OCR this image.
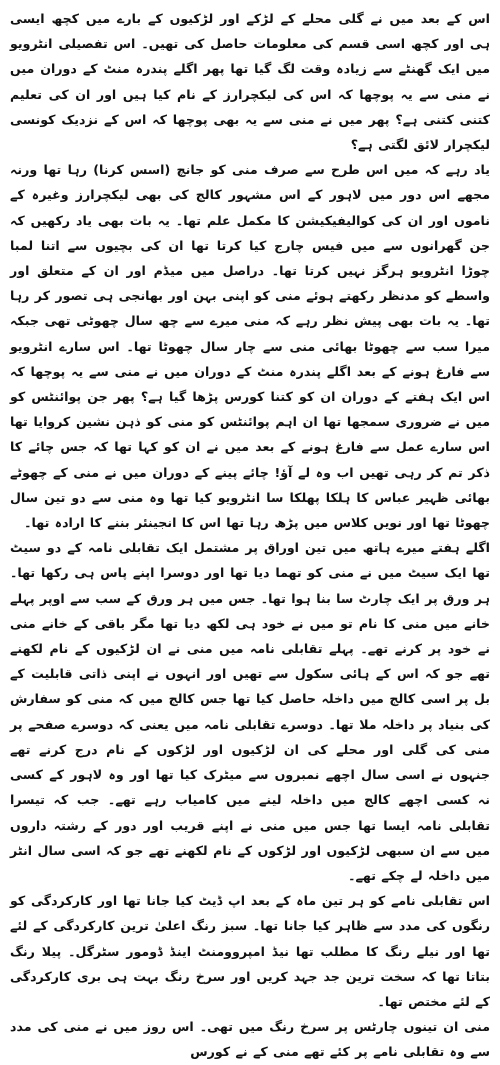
اس کے بعد میں نے گلی محلے کے لڑکے اور لڑکیوں کے بارے میں کچھ ایسی ہی اور کچھ اسی قسم کی معلومات حاصل کی تھیں۔ اس تفصیلی انٹرویو میں ایک گھنٹے سے زیادہ وقت لگ گیا تھا پھر اگلے پندرہ منٹ کے دوران میں نے منی سے یہ پوچھا کہ اس کی لیکچرارز کے نام کیا ہیں اور ان کی تعلیم کتنی کتنی ہے؟ پھر میں نے منی سے یہ بھی پوچھا کہ اس کے نزدیک کونسی لیکچرار لائق لگتی ہے؟

یاد رہے کہ میں اس طرح سے صرف منی کو جانچ (اسس کرنا) رہا تھا ورنہ مجھے اس دور میں لاہور کے اس مشہور کالج کی بھی لیکچرارز وغیرہ کے ناموں اور ان کی کوالیفیکیشن کا مکمل علم تھا۔ یہ بات بھی یاد رکھیں کہ جن گھرانوں سے میں فیس چارج کیا کرتا تھا ان کی بچیوں سے اتنا لمبا چوڑا انٹرویو ہرگز نہیں کرتا تھا۔ دراصل میں میڈم اور ان کے متعلق اور واسطے کو مدنظر رکھتے ہوئے منی کو اپنی بہن اور بھانجی ہی تصور کر رہا تھا۔ یہ بات بھی پیش نظر رہے کہ منی میرے سے چھ سال چھوٹی تھی جبکہ میرا سب سے چھوٹا بھائی منی سے چار سال چھوٹا تھا۔ اس سارے انٹرویو سے فارغ ہونے کے بعد اگلے پندرہ منٹ کے دوران میں نے منی سے یہ پوچھا کہ اس ایک ہفتے کے دوران ان کو کتنا کورس پڑھا گیا ہے؟ پھر جن پوائنٹس کو میں نے ضروری سمجھا تھا ان اہم پوائنٹس کو منی کو ذہن نشین کروایا تھا اس سارے عمل سے فارغ ہونے کے بعد میں نے ان کو کہا تھا کہ جس چائے کا ذکر تم کر رہی تھیں اب وہ لے آؤ! چائے پینے کے دوران میں نے منی کے چھوٹے بھائی ظہیر عباس کا ہلکا پھلکا سا انٹرویو کیا تھا وہ منی سے دو تین سال چھوٹا تھا اور نویں کلاس میں پڑھ رہا تھا اس کا انجینئر بننے کا ارادہ تھا۔

اگلے ہفتے میرے ہاتھ میں تین اوراق پر مشتمل ایک تقابلی نامہ کے دو سیٹ تھا ایک سیٹ میں نے منی کو تھما دیا تھا اور دوسرا اپنے پاس ہی رکھا تھا۔ ہر ورق پر ایک چارٹ سا بنا ہوا تھا۔ جس میں ہر ورق کے سب سے اوپر پہلے خانے میں منی کا نام تو میں نے خود ہی لکھ دیا تھا مگر باقی کے خانے منی نے خود پر کرنے تھے۔ پہلے تقابلی نامہ میں منی نے ان لڑکیوں کے نام لکھنے تھے جو کہ اس کے ہائی سکول سے تھیں اور انہوں نے اپنی ذاتی قابلیت کے بل پر اسی کالج میں داخلہ حاصل کیا تھا جس کالج میں کہ منی کو سفارش کی بنیاد پر داخلہ ملا تھا۔ دوسرے تقابلی نامہ میں یعنی کہ دوسرے صفحے پر منی کی گلی اور محلے کی ان لڑکیوں اور لڑکوں کے نام درج کرنے تھے جنہوں نے اسی سال اچھے نمبروں سے میٹرک کیا تھا اور وہ لاہور کے کسی نہ کسی اچھے کالج میں داخلہ لینے میں کامیاب رہے تھے۔ جب کہ تیسرا تقابلی نامہ ایسا تھا جس میں منی نے اپنے قریب اور دور کے رشتہ داروں میں سے ان سبھی لڑکیوں اور لڑکوں کے نام لکھنے تھے جو کہ اسی سال انٹر میں داخلہ لے چکے تھے۔

اس تقابلی نامے کو ہر تین ماہ کے بعد اپ ڈیٹ کیا جانا تھا اور کارکردگی کو رنگوں کی مدد سے ظاہر کیا جانا تھا۔ سبز رنگ اعلیٰ ترین کارکردگی کے لئے تھا اور نیلے رنگ کا مطلب تھا نیڈ امپروومنٹ اینڈ ڈومور سٹرگل۔ پیلا رنگ بتاتا تھا کہ سخت ترین جد جہد کریں اور سرخ رنگ بہت ہی بری کارکردگی کے لئے مختص تھا۔

منی ان تینوں چارٹس پر سرخ رنگ میں تھی۔ اس روز میں نے منی کی مدد سے وہ تقابلی نامے پر کئے تھے منی کے نے کورس
